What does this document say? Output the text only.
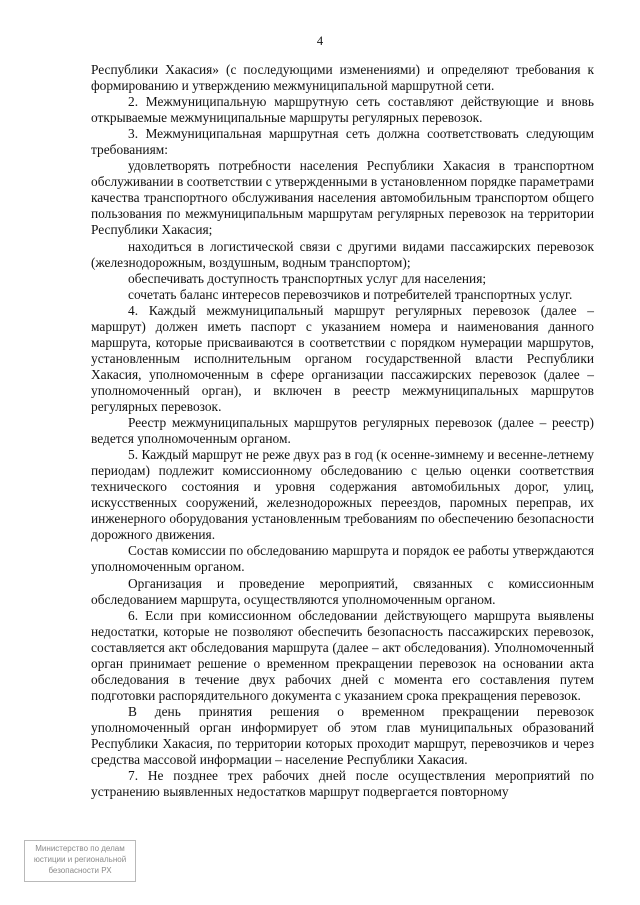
4

Республики Хакасия» (с последующими изменениями) и определяют требования к формированию и утверждению межмуниципальной маршрутной сети.

2. Межмуниципальную маршрутную сеть составляют действующие и вновь открываемые межмуниципальные маршруты регулярных перевозок.

3. Межмуниципальная маршрутная сеть должна соответствовать следующим требованиям:

удовлетворять потребности населения Республики Хакасия в транспортном обслуживании в соответствии с утвержденными в установленном порядке параметрами качества транспортного обслуживания населения автомобильным транспортом общего пользования по межмуниципальным маршрутам регулярных перевозок на территории Республики Хакасия;

находиться в логистической связи с другими видами пассажирских перевозок (железнодорожным, воздушным, водным транспортом);

обеспечивать доступность транспортных услуг для населения;

сочетать баланс интересов перевозчиков и потребителей транспортных услуг.

4. Каждый межмуниципальный маршрут регулярных перевозок (далее – маршрут) должен иметь паспорт с указанием номера и наименования данного маршрута, которые присваиваются в соответствии с порядком нумерации маршрутов, установленным исполнительным органом государственной власти Республики Хакасия, уполномоченным в сфере организации пассажирских перевозок (далее – уполномоченный орган), и включен в реестр межмуниципальных маршрутов регулярных перевозок.

Реестр межмуниципальных маршрутов регулярных перевозок (далее – реестр) ведется уполномоченным органом.

5. Каждый маршрут не реже двух раз в год (к осенне-зимнему и весенне-летнему периодам) подлежит комиссионному обследованию с целью оценки соответствия технического состояния и уровня содержания автомобильных дорог, улиц, искусственных сооружений, железнодорожных переездов, паромных переправ, их инженерного оборудования установленным требованиям по обеспечению безопасности дорожного движения.

Состав комиссии по обследованию маршрута и порядок ее работы утверждаются уполномоченным органом.

Организация и проведение мероприятий, связанных с комиссионным обследованием маршрута, осуществляются уполномоченным органом.

6. Если при комиссионном обследовании действующего маршрута выявлены недостатки, которые не позволяют обеспечить безопасность пассажирских перевозок, составляется акт обследования маршрута (далее – акт обследования). Уполномоченный орган принимает решение о временном прекращении перевозок на основании акта обследования в течение двух рабочих дней с момента его составления путем подготовки распорядительного документа с указанием срока прекращения перевозок.

В день принятия решения о временном прекращении перевозок уполномоченный орган информирует об этом глав муниципальных образований Республики Хакасия, по территории которых проходит маршрут, перевозчиков и через средства массовой информации – население Республики Хакасия.

7. Не позднее трех рабочих дней после осуществления мероприятий по устранению выявленных недостатков маршрут подвергается повторному

Министерство по делам
юстиции и региональной
безопасности РХ
